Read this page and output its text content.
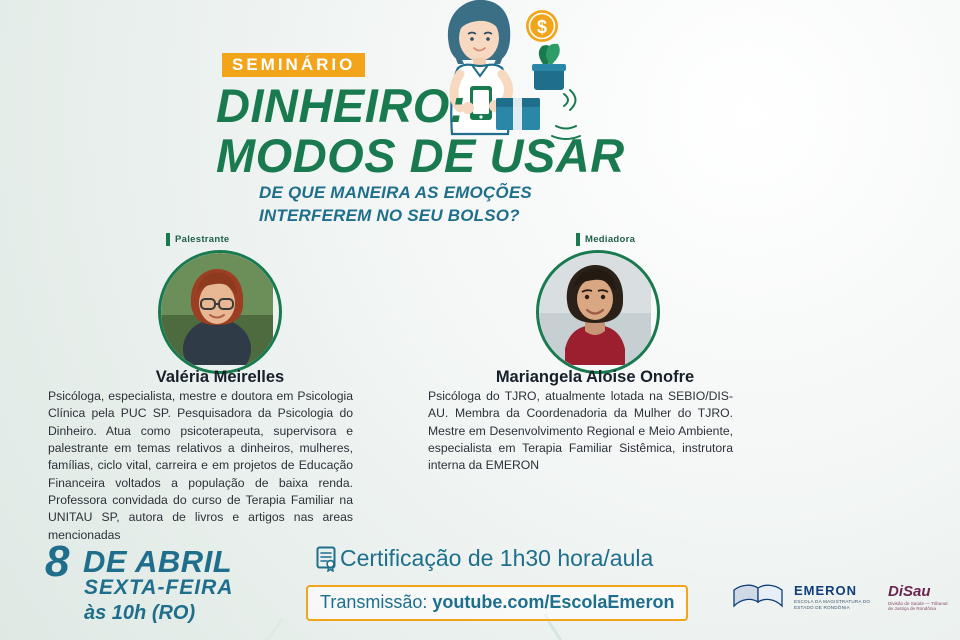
$
SEMINÁRIO
DINHEIRO:
MODOS DE USAR
DE QUE MANEIRA AS EMOÇÕES
INTERFEREM NO SEU BOLSO?
Palestrante
Valéria Meirelles
Psicóloga, especialista, mestre e doutora em Psicologia Clínica pela PUC SP. Pesquisadora da Psicologia do Dinheiro. Atua como psicoterapeuta, supervisora e palestrante em temas relativos a dinheiros, mulheres, famílias, ciclo vital, carreira e em projetos de Educação Financeira voltados a população de baixa renda. Professora convidada do curso de Terapia Familiar na UNITAU SP, autora de livros e artigos nas areas mencionadas
Mediadora
Mariangela Aloise Onofre
Psicóloga do TJRO, atualmente lotada na SEBIO/DIS-AU. Membra da Coordenadoria da Mulher do TJRO. Mestre em Desenvolvimento Regional e Meio Ambiente, especialista em Terapia Familiar Sistêmica, instrutora interna da EMERON
8 DE ABRIL
SEXTA-FEIRA
às 10h (RO)
Certificação de 1h30 hora/aula
Transmissão: youtube.com/EscolaEmeron
EMERON
ESCOLA DA MAGISTRATURA DO ESTADO DE RONDÔNIA
DiSau
Divisão de Saúde — Tribunal de Justiça de Rondônia
